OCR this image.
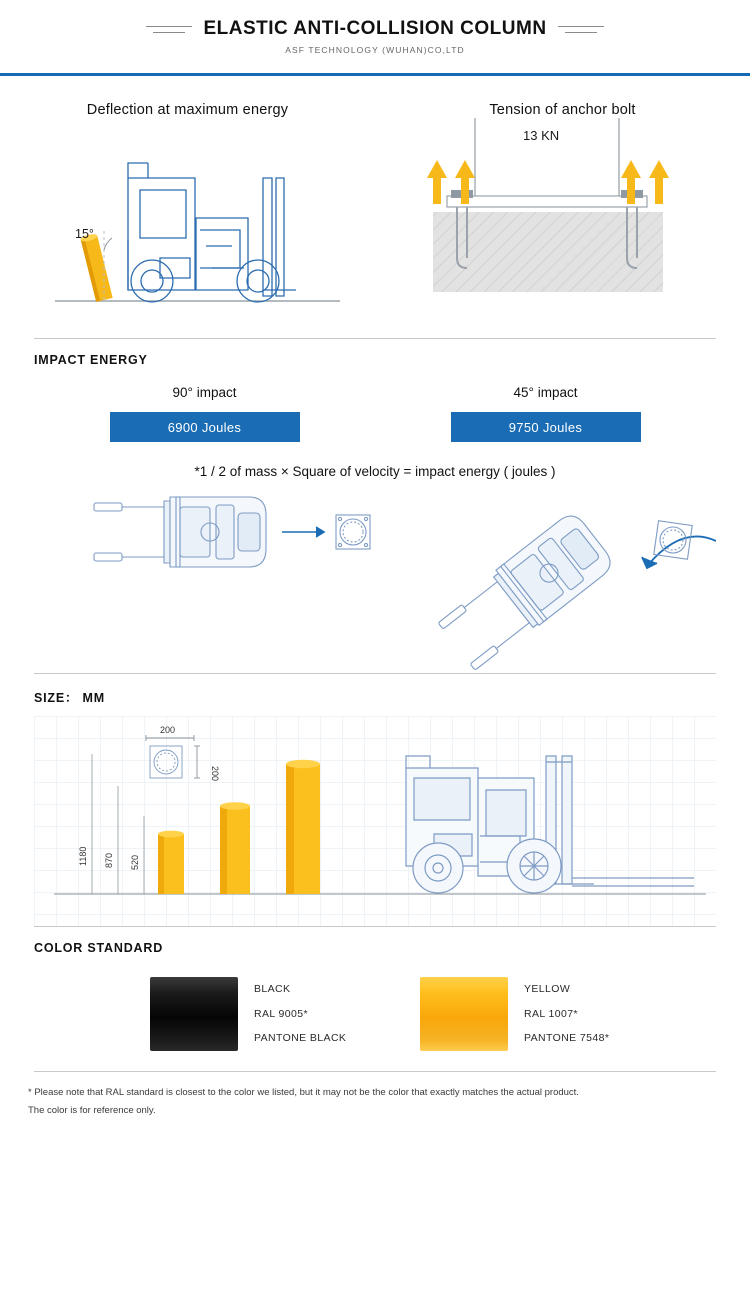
ELASTIC ANTI-COLLISION COLUMN
ASF TECHNOLOGY (WUHAN)CO,LTD
Deflection at maximum energy
15°
Tension of anchor bolt
13 KN
IMPACT ENERGY
90° impact
6900 Joules
45° impact
9750 Joules
*1 / 2 of mass × Square of velocity = impact energy ( joules )
SIZE： MM
200
200
1180 870 520
COLOR STANDARD
BLACK
RAL 9005*
PANTONE BLACK
YELLOW
RAL 1007*
PANTONE 7548*
* Please note that RAL standard is closest to the color we listed, but it may not be the color that exactly matches the actual product.
The color is for reference only.
